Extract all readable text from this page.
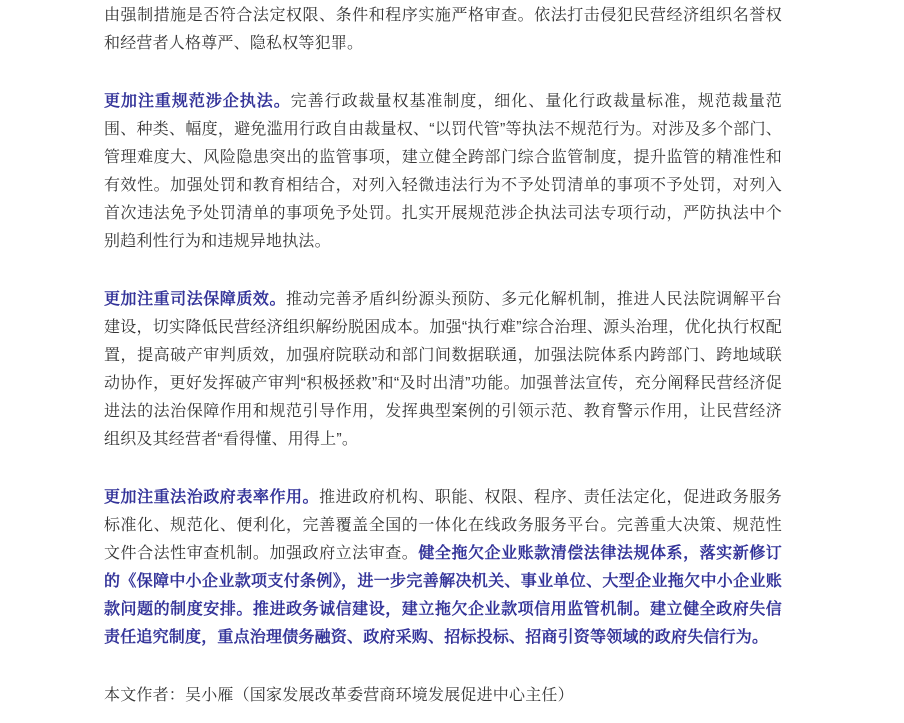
由强制措施是否符合法定权限、条件和程序实施严格审查。依法打击侵犯民营经济组织名誉权和经营者人格尊严、隐私权等犯罪。

更加注重规范涉企执法。完善行政裁量权基准制度，细化、量化行政裁量标准，规范裁量范围、种类、幅度，避免滥用行政自由裁量权、“以罚代管”等执法不规范行为。对涉及多个部门、管理难度大、风险隐患突出的监管事项，建立健全跨部门综合监管制度，提升监管的精准性和有效性。加强处罚和教育相结合，对列入轻微违法行为不予处罚清单的事项不予处罚，对列入首次违法免予处罚清单的事项免予处罚。扎实开展规范涉企执法司法专项行动，严防执法中个别趋利性行为和违规异地执法。

更加注重司法保障质效。推动完善矛盾纠纷源头预防、多元化解机制，推进人民法院调解平台建设，切实降低民营经济组织解纷脱困成本。加强“执行难”综合治理、源头治理，优化执行权配置，提高破产审判质效，加强府院联动和部门间数据联通，加强法院体系内跨部门、跨地域联动协作，更好发挥破产审判“积极拯救”和“及时出清”功能。加强普法宣传，充分阐释民营经济促进法的法治保障作用和规范引导作用，发挥典型案例的引领示范、教育警示作用，让民营经济组织及其经营者“看得懂、用得上”。

更加注重法治政府表率作用。推进政府机构、职能、权限、程序、责任法定化，促进政务服务标准化、规范化、便利化，完善覆盖全国的一体化在线政务服务平台。完善重大决策、规范性文件合法性审查机制。加强政府立法审查。健全拖欠企业账款清偿法律法规体系，落实新修订的《保障中小企业款项支付条例》，进一步完善解决机关、事业单位、大型企业拖欠中小企业账款问题的制度安排。推进政务诚信建设，建立拖欠企业款项信用监管机制。建立健全政府失信责任追究制度，重点治理债务融资、政府采购、招标投标、招商引资等领域的政府失信行为。

本文作者：吴小雁（国家发展改革委营商环境发展促进中心主任）
